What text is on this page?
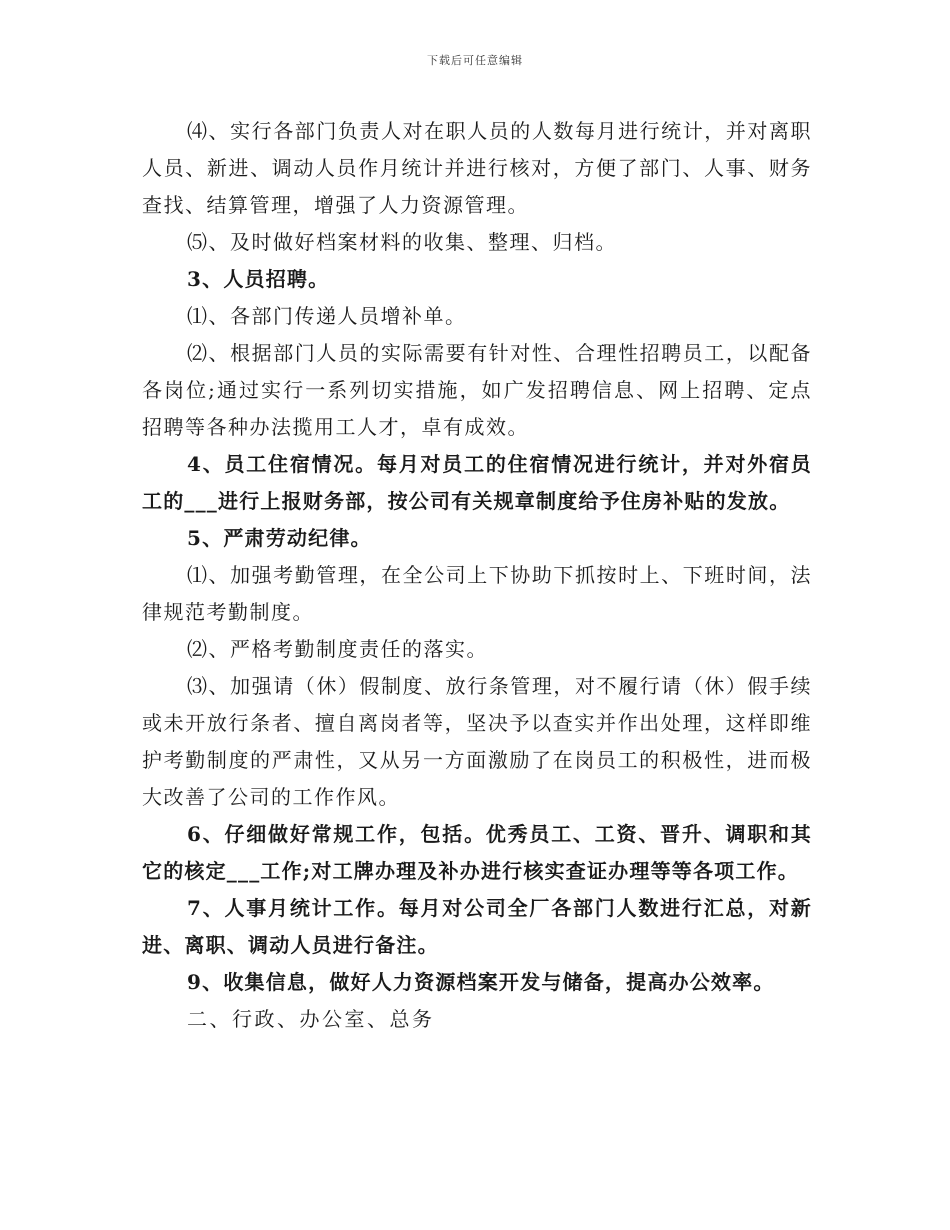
下载后可任意编辑

⑷、实行各部门负责人对在职人员的人数每月进行统计，并对离职人员、新进、调动人员作月统计并进行核对，方便了部门、人事、财务查找、结算管理，增强了人力资源管理。

⑸、及时做好档案材料的收集、整理、归档。

3、人员招聘。

⑴、各部门传递人员增补单。

⑵、根据部门人员的实际需要有针对性、合理性招聘员工，以配备各岗位;通过实行一系列切实措施，如广发招聘信息、网上招聘、定点招聘等各种办法揽用工人才，卓有成效。

4、员工住宿情况。每月对员工的住宿情况进行统计，并对外宿员工的___进行上报财务部，按公司有关规章制度给予住房补贴的发放。

5、严肃劳动纪律。

⑴、加强考勤管理，在全公司上下协助下抓按时上、下班时间，法律规范考勤制度。

⑵、严格考勤制度责任的落实。

⑶、加强请（休）假制度、放行条管理，对不履行请（休）假手续或未开放行条者、擅自离岗者等，坚决予以查实并作出处理，这样即维护考勤制度的严肃性，又从另一方面激励了在岗员工的积极性，进而极大改善了公司的工作作风。

6、仔细做好常规工作，包括。优秀员工、工资、晋升、调职和其它的核定___工作;对工牌办理及补办进行核实查证办理等等各项工作。

7、人事月统计工作。每月对公司全厂各部门人数进行汇总，对新进、离职、调动人员进行备注。

9、收集信息，做好人力资源档案开发与储备，提高办公效率。

二、行政、办公室、总务
